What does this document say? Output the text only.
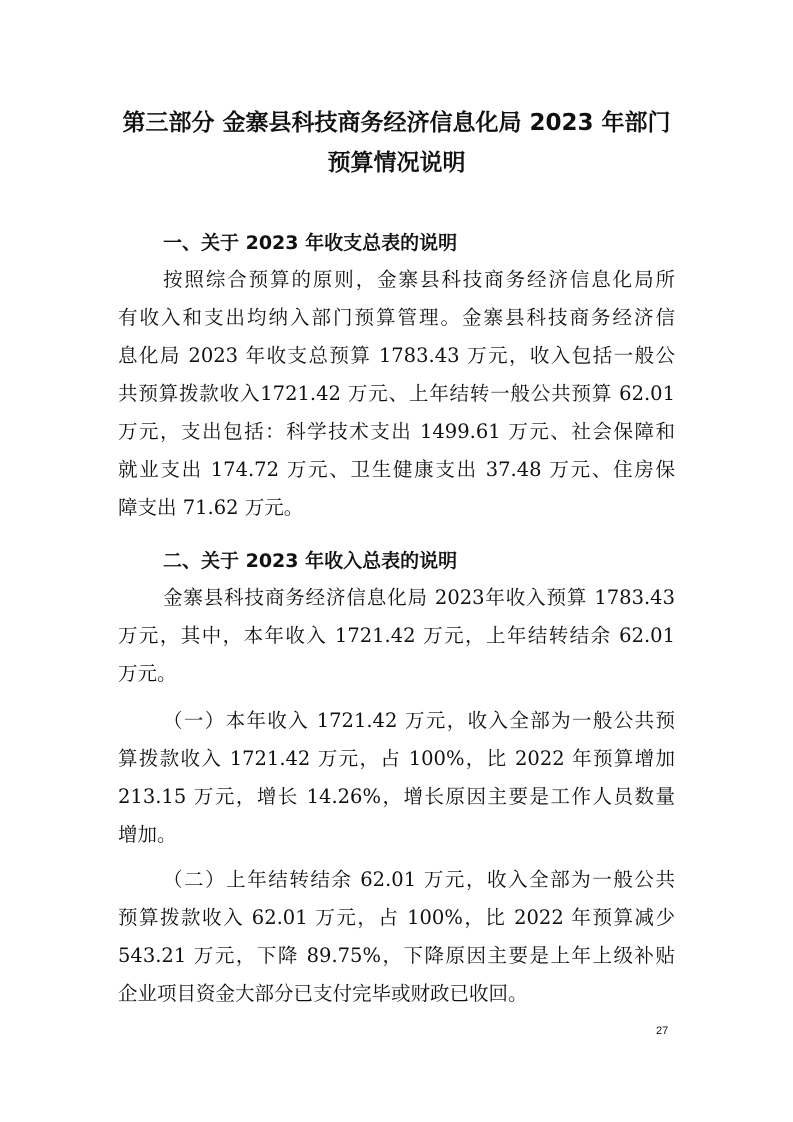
第三部分 金寨县科技商务经济信息化局 2023 年部门
预算情况说明
一、关于 2023 年收支总表的说明
按照综合预算的原则，金寨县科技商务经济信息化局所
有收入和支出均纳入部门预算管理。金寨县科技商务经济信
息化局 2023 年收支总预算 1783.43 万元，收入包括一般公
共预算拨款收入1721.42 万元、上年结转一般公共预算 62.01
万元，支出包括：科学技术支出 1499.61 万元、社会保障和
就业支出 174.72 万元、卫生健康支出 37.48 万元、住房保
障支出 71.62 万元。
二、关于 2023 年收入总表的说明
金寨县科技商务经济信息化局 2023年收入预算 1783.43
万元，其中，本年收入 1721.42 万元，上年结转结余 62.01
万元。
（一）本年收入 1721.42 万元，收入全部为一般公共预
算拨款收入 1721.42 万元，占 100%，比 2022 年预算增加
213.15 万元，增长 14.26%，增长原因主要是工作人员数量
增加。
（二）上年结转结余 62.01 万元，收入全部为一般公共
预算拨款收入 62.01 万元，占 100%，比 2022 年预算减少
543.21 万元，下降 89.75%，下降原因主要是上年上级补贴
企业项目资金大部分已支付完毕或财政已收回。
27
